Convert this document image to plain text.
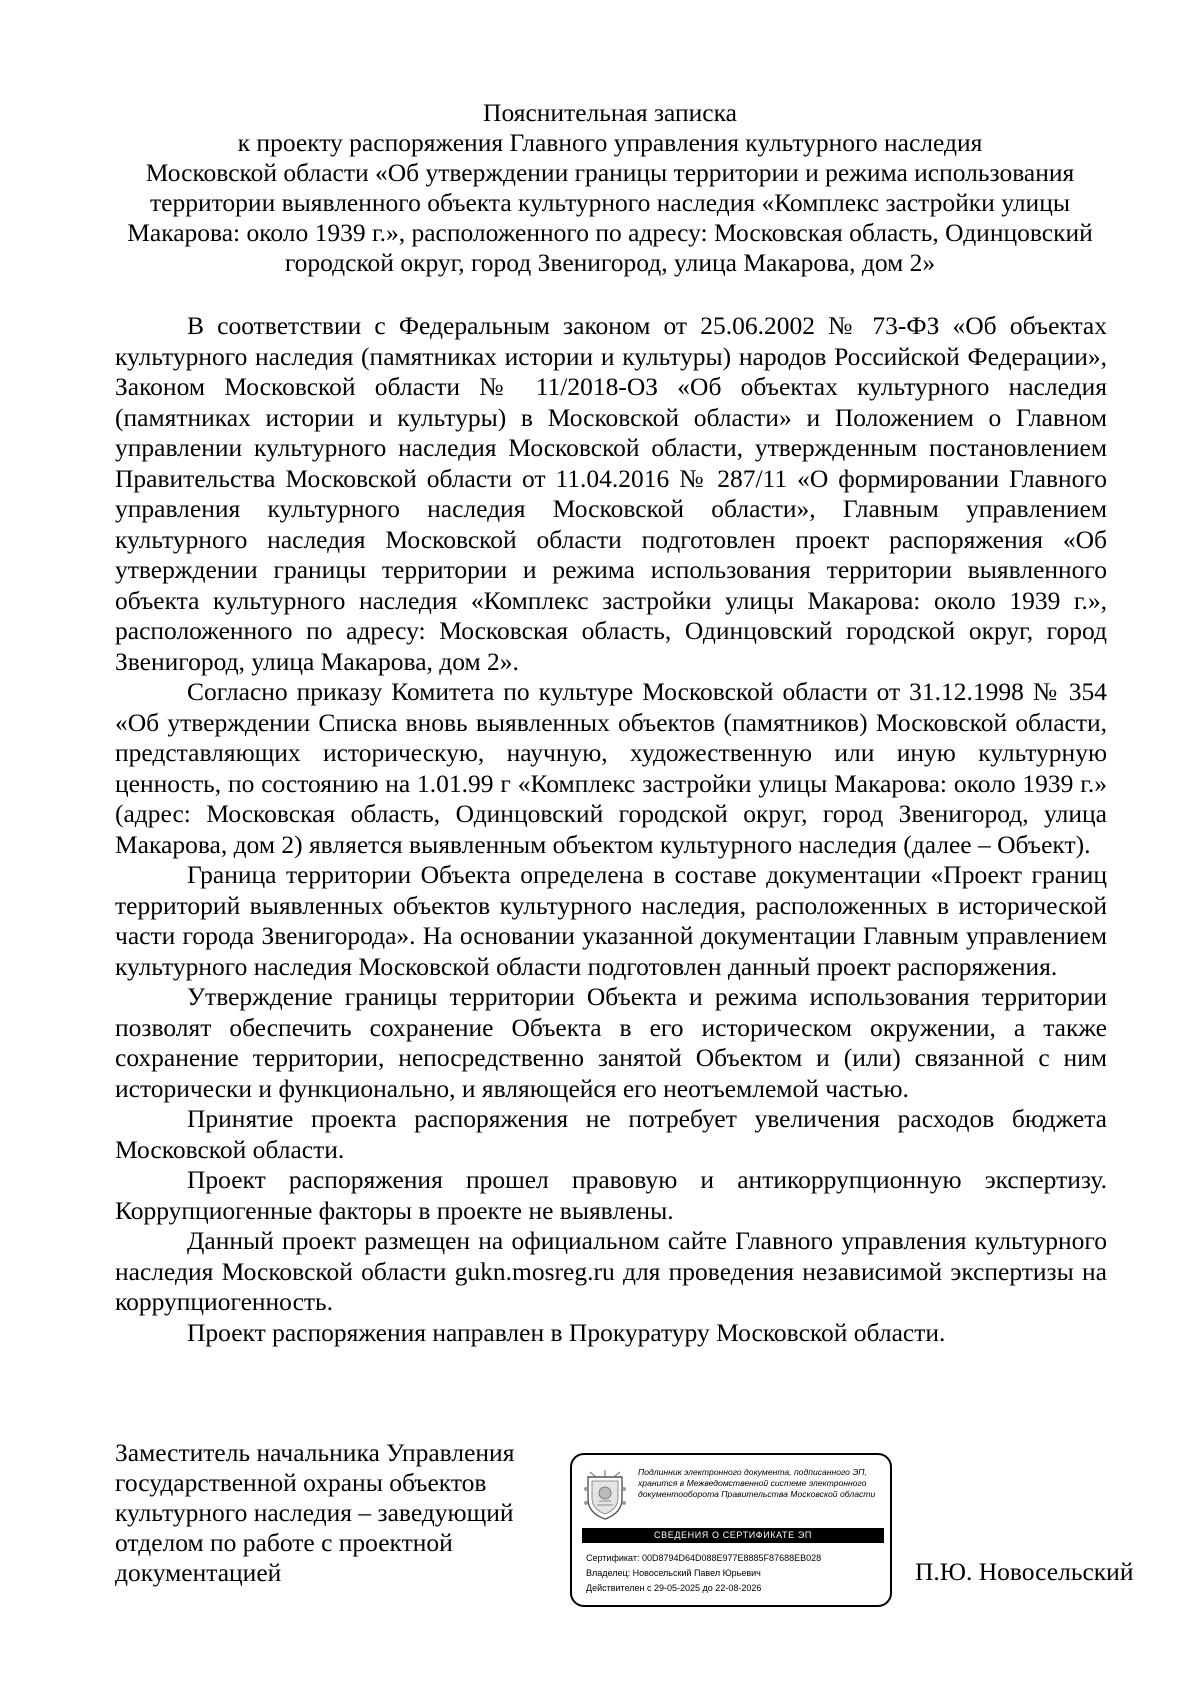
Пояснительная записка
к проекту распоряжения Главного управления культурного наследия
Московской области «Об утверждении границы территории и режима использования
территории выявленного объекта культурного наследия «Комплекс застройки улицы
Макарова: около 1939 г.», расположенного по адресу: Московская область, Одинцовский
городской округ, город Звенигород, улица Макарова, дом 2»

В соответствии с Федеральным законом от 25.06.2002 № 73-ФЗ «Об объектах культурного наследия (памятниках истории и культуры) народов Российской Федерации», Законом Московской области № 11/2018-ОЗ «Об объектах культурного наследия (памятниках истории и культуры) в Московской области» и Положением о Главном управлении культурного наследия Московской области, утвержденным постановлением Правительства Московской области от 11.04.2016 № 287/11 «О формировании Главного управления культурного наследия Московской области», Главным управлением культурного наследия Московской области подготовлен проект распоряжения «Об утверждении границы территории и режима использования территории выявленного объекта культурного наследия «Комплекс застройки улицы Макарова: около 1939 г.», расположенного по адресу: Московская область, Одинцовский городской округ, город Звенигород, улица Макарова, дом 2».

Согласно приказу Комитета по культуре Московской области от 31.12.1998 № 354 «Об утверждении Списка вновь выявленных объектов (памятников) Московской области, представляющих историческую, научную, художественную или иную культурную ценность, по состоянию на 1.01.99 г «Комплекс застройки улицы Макарова: около 1939 г.» (адрес: Московская область, Одинцовский городской округ, город Звенигород, улица Макарова, дом 2) является выявленным объектом культурного наследия (далее – Объект).

Граница территории Объекта определена в составе документации «Проект границ территорий выявленных объектов культурного наследия, расположенных в исторической части города Звенигорода». На основании указанной документации Главным управлением культурного наследия Московской области подготовлен данный проект распоряжения.

Утверждение границы территории Объекта и режима использования территории позволят обеспечить сохранение Объекта в его историческом окружении, а также сохранение территории, непосредственно занятой Объектом и (или) связанной с ним исторически и функционально, и являющейся его неотъемлемой частью.

Принятие проекта распоряжения не потребует увеличения расходов бюджета Московской области.

Проект распоряжения прошел правовую и антикоррупционную экспертизу. Коррупциогенные факторы в проекте не выявлены.

Данный проект размещен на официальном сайте Главного управления культурного наследия Московской области gukn.mosreg.ru для проведения независимой экспертизы на коррупциогенность.

Проект распоряжения направлен в Прокуратуру Московской области.

Заместитель начальника Управления
государственной охраны объектов
культурного наследия – заведующий
отделом по работе с проектной
документацией
Подлинник электронного документа, подписанного ЭП,
хранится в Межведомственной системе электронного
документооборота Правительства Московской области
СВЕДЕНИЯ О СЕРТИФИКАТЕ ЭП
Сертификат: 00D8794D64D088E977E8885F87688EB028
Владелец: Новосельский Павел Юрьевич
Действителен с 29-05-2025 до 22-08-2026
П.Ю. Новосельский
